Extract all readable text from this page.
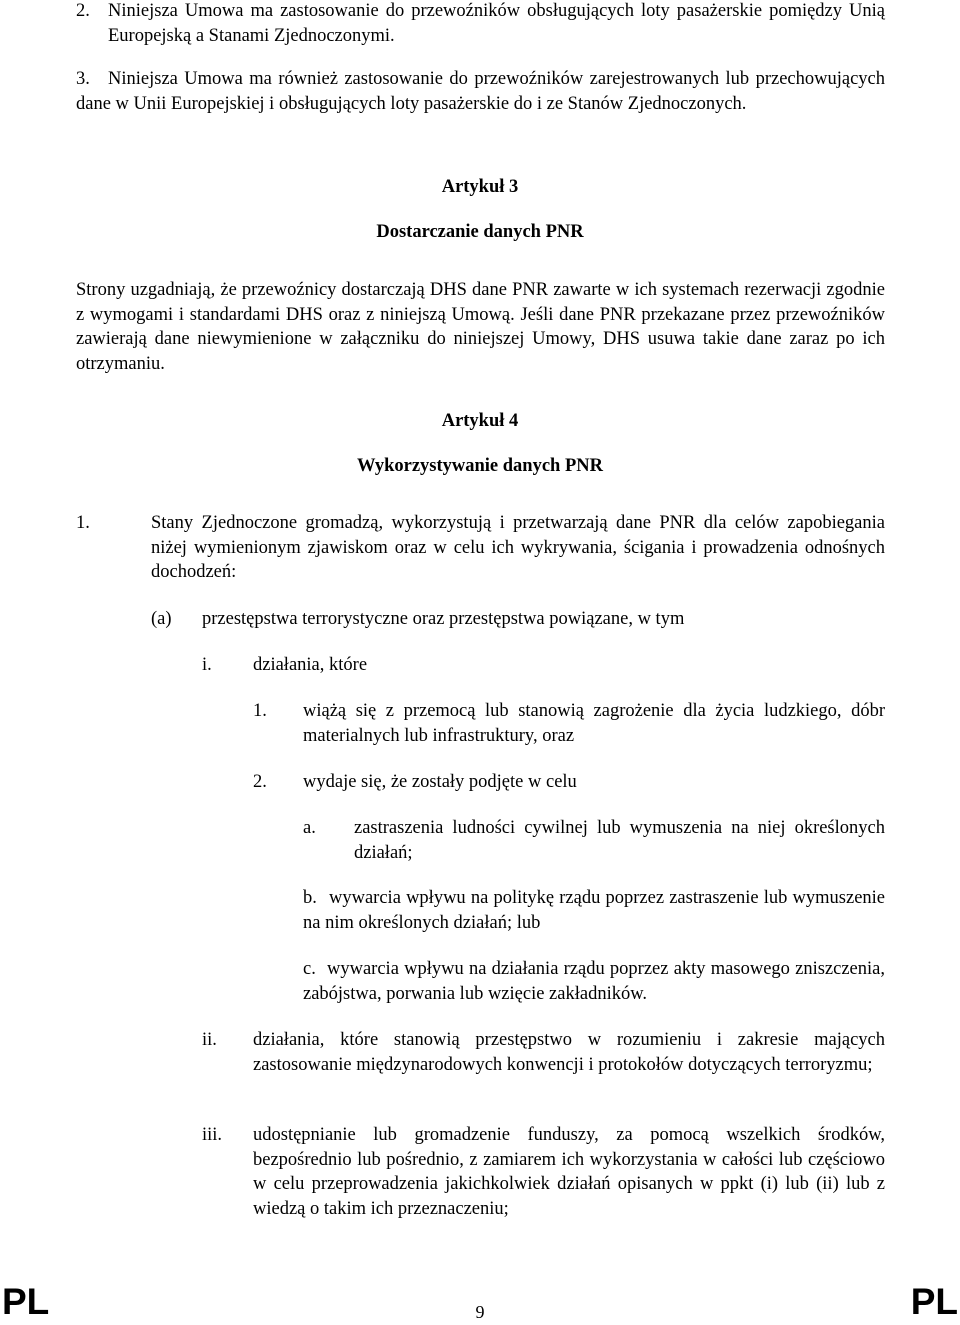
2. Niniejsza Umowa ma zastosowanie do przewoźników obsługujących loty pasażerskie pomiędzy Unią Europejską a Stanami Zjednoczonymi.
3. Niniejsza Umowa ma również zastosowanie do przewoźników zarejestrowanych lub przechowujących dane w Unii Europejskiej i obsługujących loty pasażerskie do i ze Stanów Zjednoczonych.
Artykuł 3
Dostarczanie danych PNR
Strony uzgadniają, że przewoźnicy dostarczają DHS dane PNR zawarte w ich systemach rezerwacji zgodnie z wymogami i standardami DHS oraz z niniejszą Umową. Jeśli dane PNR przekazane przez przewoźników zawierają dane niewymienione w załączniku do niniejszej Umowy, DHS usuwa takie dane zaraz po ich otrzymaniu.
Artykuł 4
Wykorzystywanie danych PNR
1.	Stany Zjednoczone gromadzą, wykorzystują i przetwarzają dane PNR dla celów zapobiegania niżej wymienionym zjawiskom oraz w celu ich wykrywania, ścigania i prowadzenia odnośnych dochodzeń:
(a) przestępstwa terrorystyczne oraz przestępstwa powiązane, w tym
i. działania, które
1. wiążą się z przemocą lub stanowią zagrożenie dla życia ludzkiego, dóbr materialnych lub infrastruktury, oraz
2. wydaje się, że zostały podjęte w celu
a. zastraszenia ludności cywilnej lub wymuszenia na niej określonych działań;
b. wywarcia wpływu na politykę rządu poprzez zastraszenie lub wymuszenie na nim określonych działań; lub
c. wywarcia wpływu na działania rządu poprzez akty masowego zniszczenia, zabójstwa, porwania lub wzięcie zakładników.
ii. działania, które stanowią przestępstwo w rozumieniu i zakresie mających zastosowanie międzynarodowych konwencji i protokołów dotyczących terroryzmu;
iii. udostępnianie lub gromadzenie funduszy, za pomocą wszelkich środków, bezpośrednio lub pośrednio, z zamiarem ich wykorzystania w całości lub częściowo w celu przeprowadzenia jakichkolwiek działań opisanych w ppkt (i) lub (ii) lub z wiedzą o takim ich przeznaczeniu;
PL	9	PL
